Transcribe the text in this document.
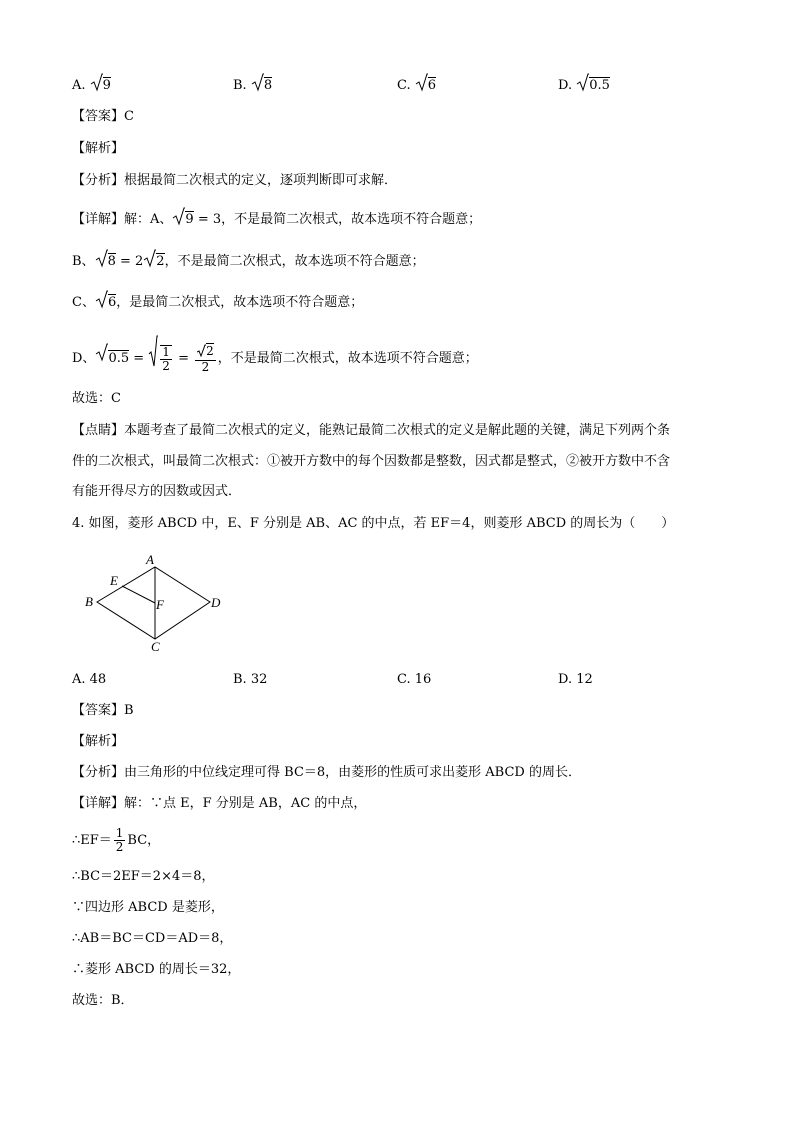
A. 9	B. 8	C. 6	D. 0.5
【答案】C
【解析】
【分析】根据最简二次根式的定义，逐项判断即可求解．
【详解】解：A、 9 = 3，不是最简二次根式，故本选项不符合题意；
B、 8 = 2 2，不是最简二次根式，故本选项不符合题意；
C、 6，是最简二次根式，故本选项不符合题意；
D、 $0.5 = \frac{1}{2} = \frac{2}{2}$ ，不是最简二次根式，故本选项不符合题意；
故选：C
【点睛】本题考查了最简二次根式的定义，能熟记最简二次根式的定义是解此题的关键，满足下列两个条
件的二次根式，叫最简二次根式：①被开方数中的每个因数都是整数，因式都是整式，②被开方数中不含
有能开得尽方的因数或因式．
4. 如图，菱形 ABCD 中，E、F 分别是 AB、AC 的中点，若 EF＝4，则菱形 ABCD 的周长为（　　）
A
B
C
D
E
F
A. 48	B. 32	C. 16	D. 12
【答案】B
【解析】
【分析】由三角形的中位线定理可得 BC＝8，由菱形的性质可求出菱形 ABCD 的周长．
【详解】解：∵点 E，F 分别是 AB，AC 的中点，
∴EF＝ $\frac{1}{2}$ BC，
∴BC＝2EF＝2×4＝8，
∵四边形 ABCD 是菱形，
∴AB＝BC＝CD＝AD＝8，
∴菱形 ABCD 的周长＝32，
故选：B．
